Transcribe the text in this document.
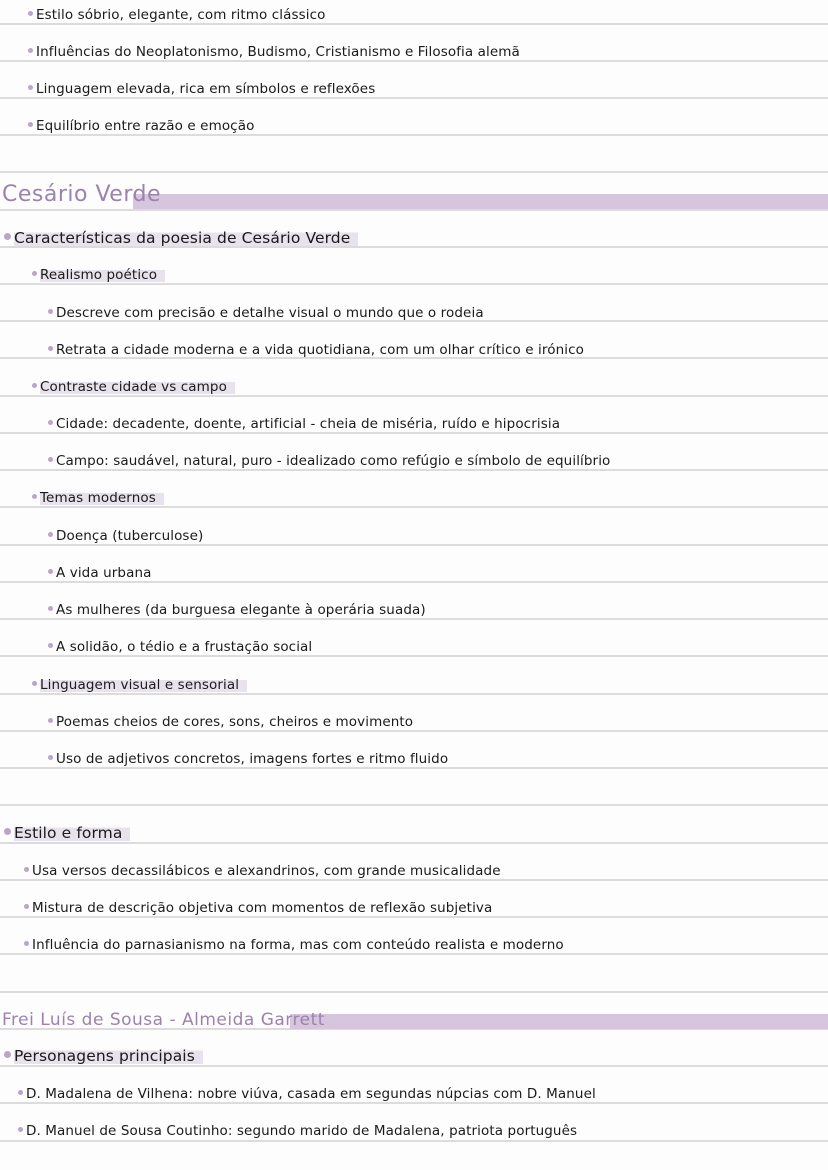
Estilo sóbrio, elegante, com ritmo clássico
Influências do Neoplatonismo, Budismo, Cristianismo e Filosofia alemã
Linguagem elevada, rica em símbolos e reflexões
Equilíbrio entre razão e emoção
Cesário Verde
Características da poesia de Cesário Verde
Realismo poético
Descreve com precisão e detalhe visual o mundo que o rodeia
Retrata a cidade moderna e a vida quotidiana, com um olhar crítico e irónico
Contraste cidade vs campo
Cidade: decadente, doente, artificial - cheia de miséria, ruído e hipocrisia
Campo: saudável, natural, puro - idealizado como refúgio e símbolo de equilíbrio
Temas modernos
Doença (tuberculose)
A vida urbana
As mulheres (da burguesa elegante à operária suada)
A solidão, o tédio e a frustação social
Linguagem visual e sensorial
Poemas cheios de cores, sons, cheiros e movimento
Uso de adjetivos concretos, imagens fortes e ritmo fluido
Estilo e forma
Usa versos decassilábicos e alexandrinos, com grande musicalidade
Mistura de descrição objetiva com momentos de reflexão subjetiva
Influência do parnasianismo na forma, mas com conteúdo realista e moderno
Frei Luís de Sousa - Almeida Garrett
Personagens principais
D. Madalena de Vilhena: nobre viúva, casada em segundas núpcias com D. Manuel
D. Manuel de Sousa Coutinho: segundo marido de Madalena, patriota português
